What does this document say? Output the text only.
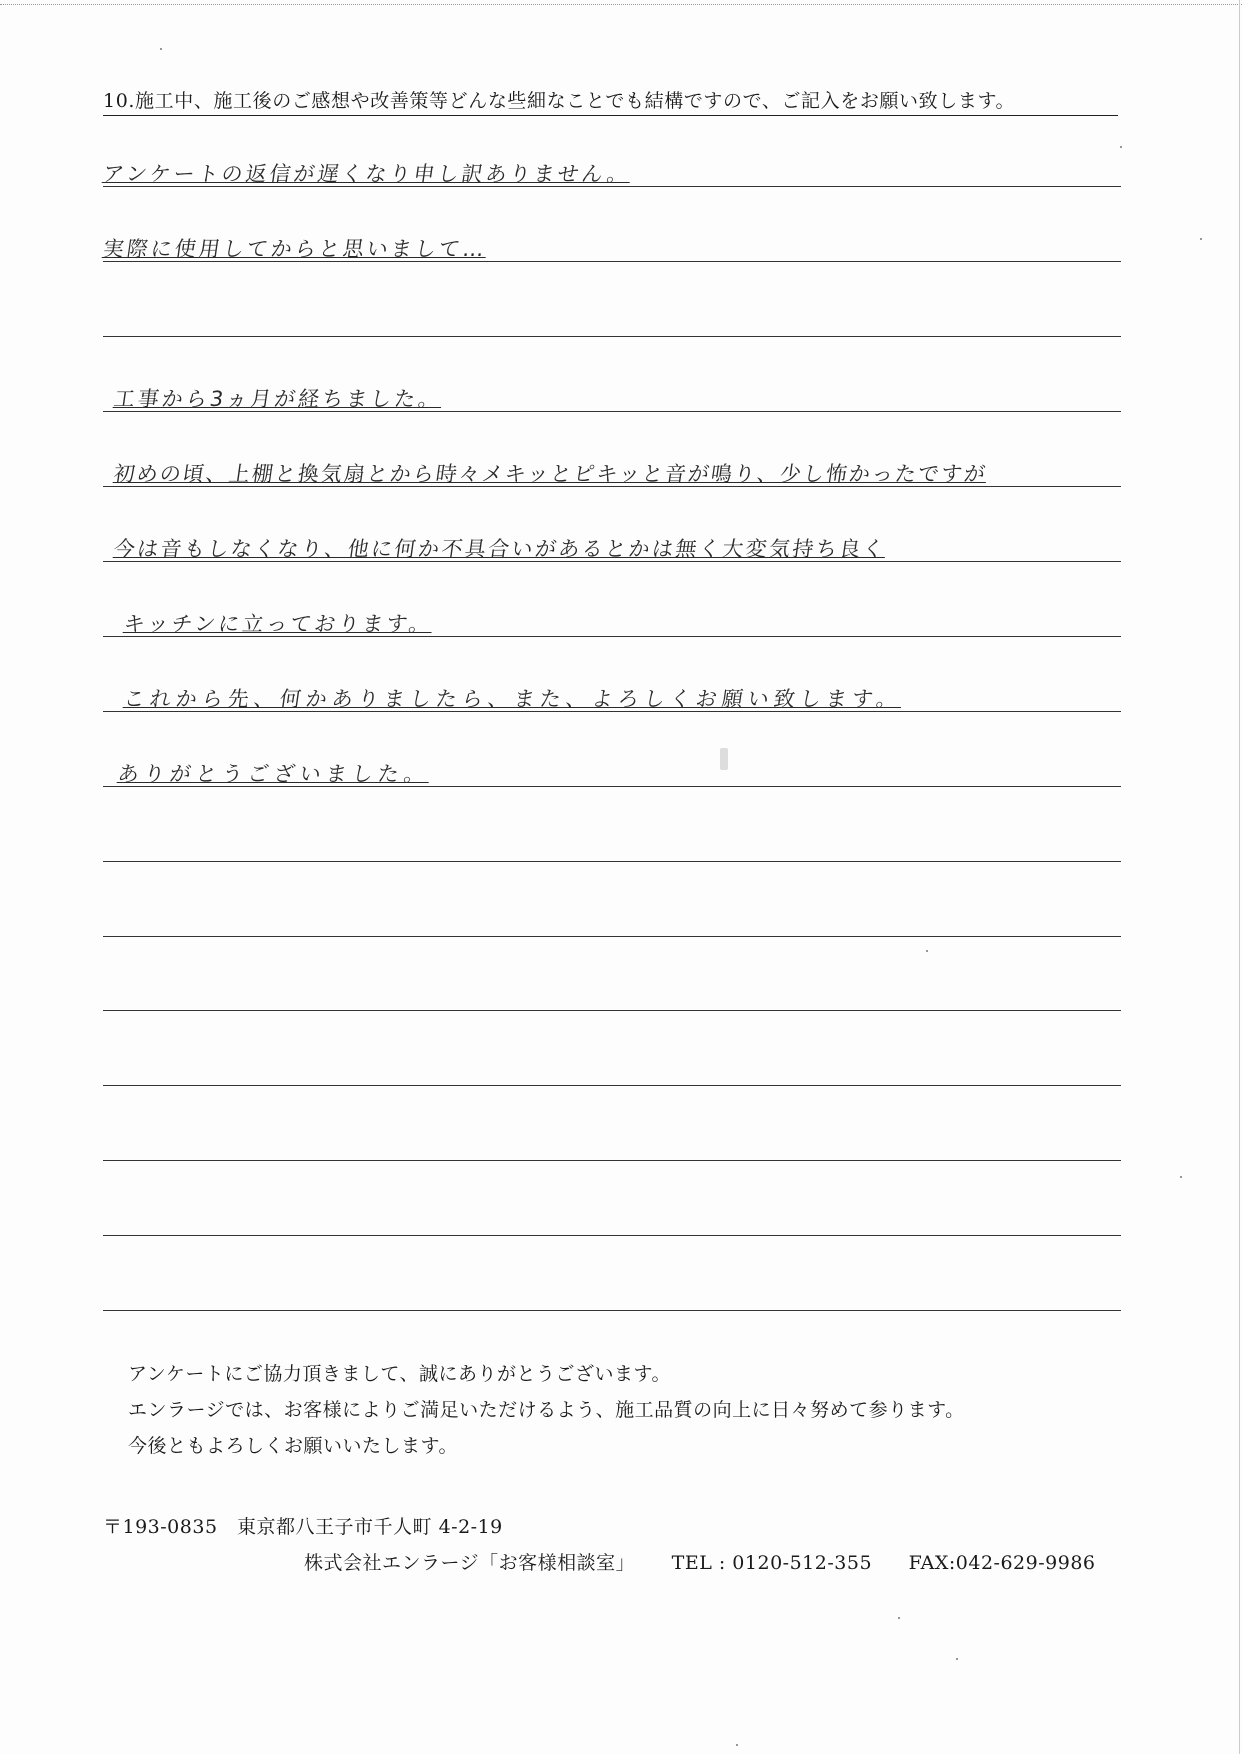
10.施工中、施工後のご感想や改善策等どんな些細なことでも結構ですので、ご記入をお願い致します。
アンケートの返信が遅くなり申し訳ありません。
実際に使用してからと思いまして…
工事から3ヵ月が経ちました。
初めの頃、上棚と換気扇とから時々メキッとピキッと音が鳴り、少し怖かったですが
今は音もしなくなり、他に何か不具合いがあるとかは無く大変気持ち良く
キッチンに立っております。
これから先、何かありましたら、また、よろしくお願い致します。
ありがとうございました。
アンケートにご協力頂きまして、誠にありがとうございます。
エンラージでは、お客様によりご満足いただけるよう、施工品質の向上に日々努めて参ります。
今後ともよろしくお願いいたします。
〒193-0835　東京都八王子市千人町 4-2-19
株式会社エンラージ「お客様相談室」 TEL : 0120-512-355 FAX:042-629-9986
